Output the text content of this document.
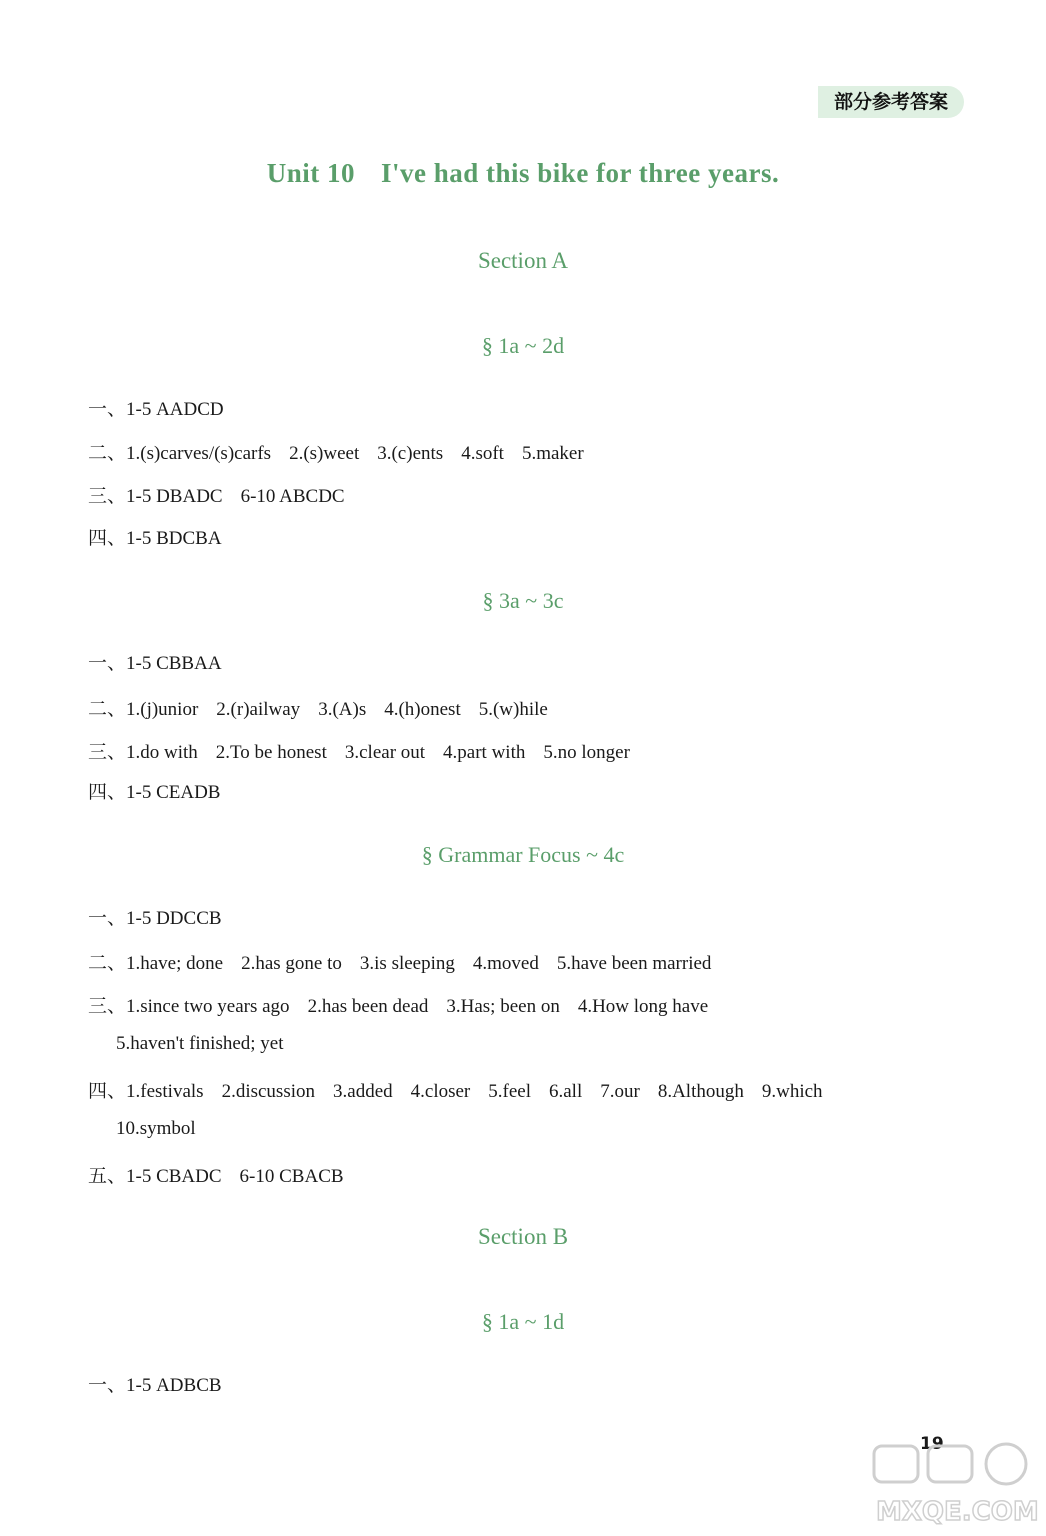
部分参考答案
Unit 10 I've had this bike for three years.
Section A
§ 1a ~ 2d
一、1-5 AADCD
二、1.(s)carves/(s)carfs 2.(s)weet 3.(c)ents 4.soft 5.maker
三、1-5 DBADC 6-10 ABCDC
四、1-5 BDCBA
§ 3a ~ 3c
一、1-5 CBBAA
二、1.(j)unior 2.(r)ailway 3.(A)s 4.(h)onest 5.(w)hile
三、1.do with 2.To be honest 3.clear out 4.part with 5.no longer
四、1-5 CEADB
§ Grammar Focus ~ 4c
一、1-5 DDCCB
二、1.have; done 2.has gone to 3.is sleeping 4.moved 5.have been married
三、1.since two years ago 2.has been dead 3.Has; been on 4.How long have
5.haven't finished; yet
四、1.festivals 2.discussion 3.added 4.closer 5.feel 6.all 7.our 8.Although 9.which
10.symbol
五、1-5 CBADC 6-10 CBACB
Section B
§ 1a ~ 1d
一、1-5 ADBCB
19
MXQE.COM
